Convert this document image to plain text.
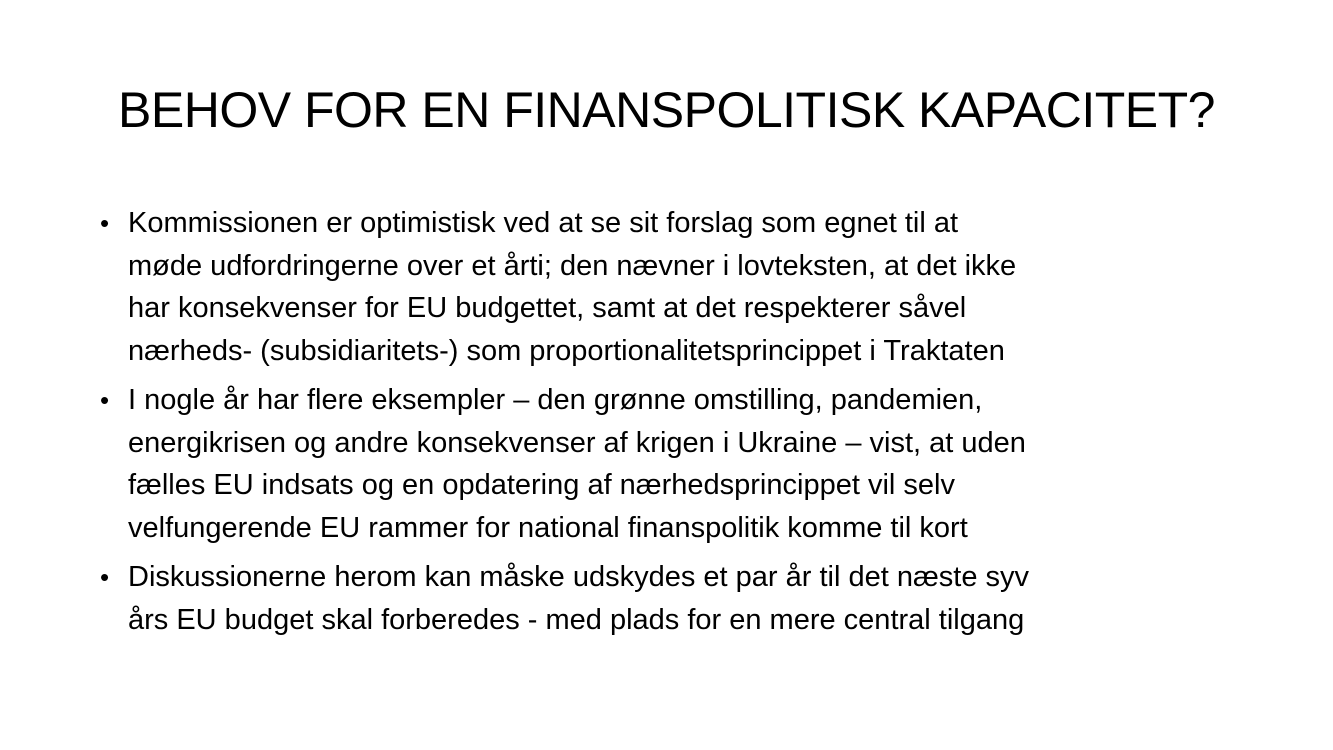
BEHOV FOR EN FINANSPOLITISK KAPACITET?
• Kommissionen er optimistisk ved at se sit forslag som egnet til at
møde udfordringerne over et årti; den nævner i lovteksten, at det ikke
har konsekvenser for EU budgettet, samt at det respekterer såvel
nærheds- (subsidiaritets-) som proportionalitetsprincippet i Traktaten
• I nogle år har flere eksempler – den grønne omstilling, pandemien,
energikrisen og andre konsekvenser af krigen i Ukraine – vist, at uden
fælles EU indsats og en opdatering af nærhedsprincippet vil selv
velfungerende EU rammer for national finanspolitik komme til kort
• Diskussionerne herom kan måske udskydes et par år til det næste syv
års EU budget skal forberedes - med plads for en mere central tilgang
